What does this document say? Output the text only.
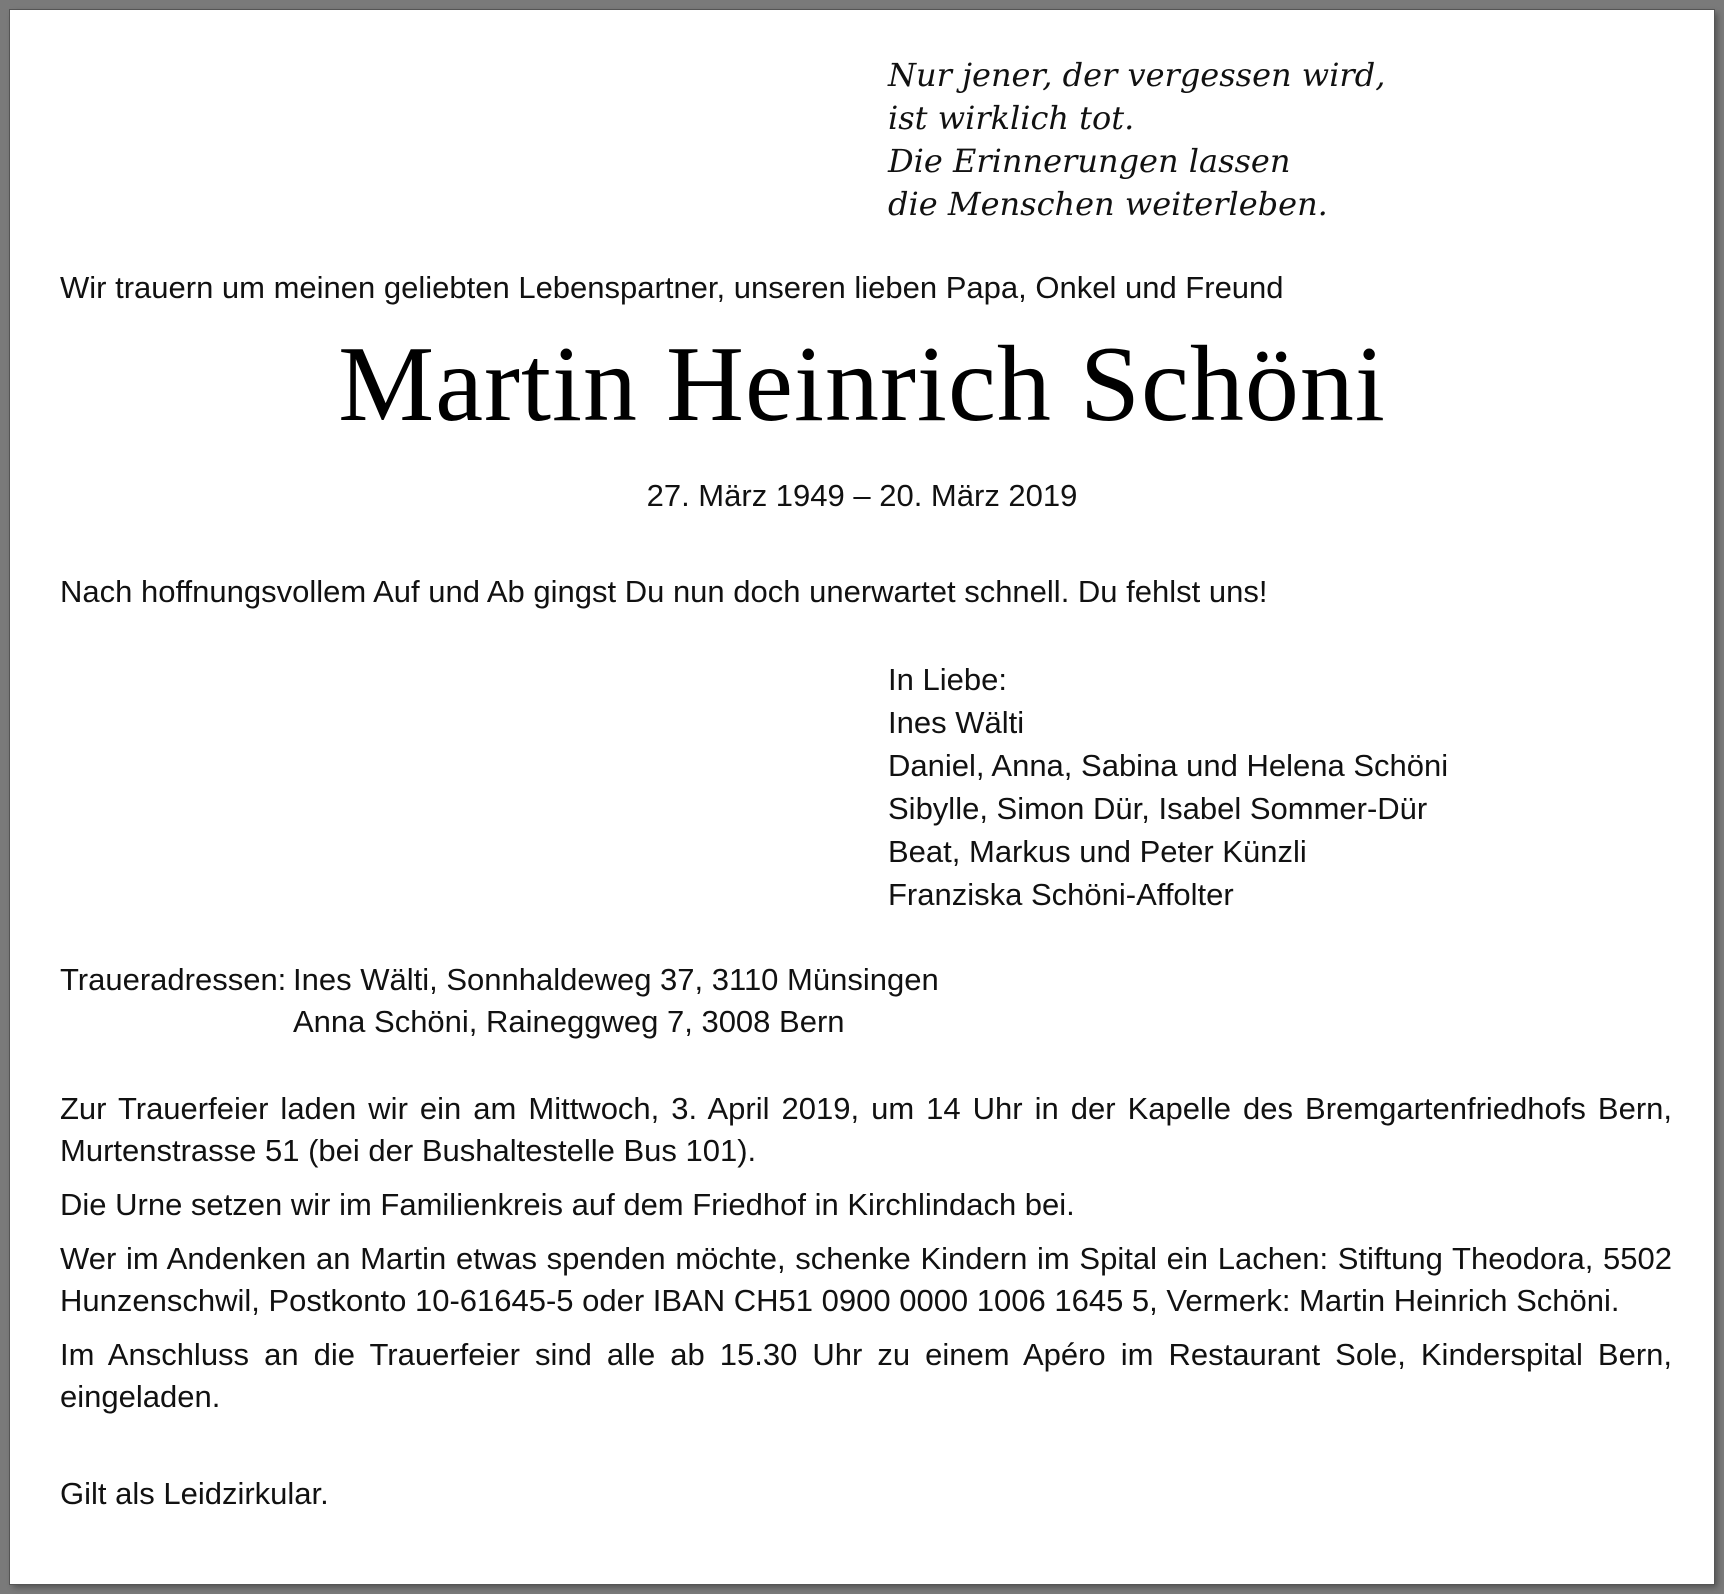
Nur jener, der vergessen wird,
ist wirklich tot.
Die Erinnerungen lassen
die Menschen weiterleben.
Wir trauern um meinen geliebten Lebenspartner, unseren lieben Papa, Onkel und Freund
Nach hoffnungsvollem Auf und Ab gingst Du nun doch unerwartet schnell. Du fehlst uns!
In Liebe:
Ines Wälti
Daniel, Anna, Sabina und Helena Schöni
Sibylle, Simon Dür, Isabel Sommer-Dür
Beat, Markus und Peter Künzli
Franziska Schöni-Affolter
Traueradressen: Ines Wälti, Sonnhaldeweg 37, 3110 Münsingen
Anna Schöni, Raineggweg 7, 3008 Bern

Zur Trauerfeier laden wir ein am Mittwoch, 3. April 2019, um 14 Uhr in der Kapelle des Bremgartenfriedhofs Bern, Murtenstrasse 51 (bei der Bushaltestelle Bus 101).

Die Urne setzen wir im Familienkreis auf dem Friedhof in Kirchlindach bei.

Wer im Andenken an Martin etwas spenden möchte, schenke Kindern im Spital ein Lachen: Stiftung Theodora, 5502 Hunzenschwil, Postkonto 10-61645-5 oder IBAN CH51 0900 0000 1006 1645 5, Vermerk: Martin Heinrich Schöni.

Im Anschluss an die Trauerfeier sind alle ab 15.30 Uhr zu einem Apéro im Restaurant Sole, Kinderspital Bern, eingeladen.

Gilt als Leidzirkular.
Martin Heinrich Schöni
27. März 1949 – 20. März 2019
